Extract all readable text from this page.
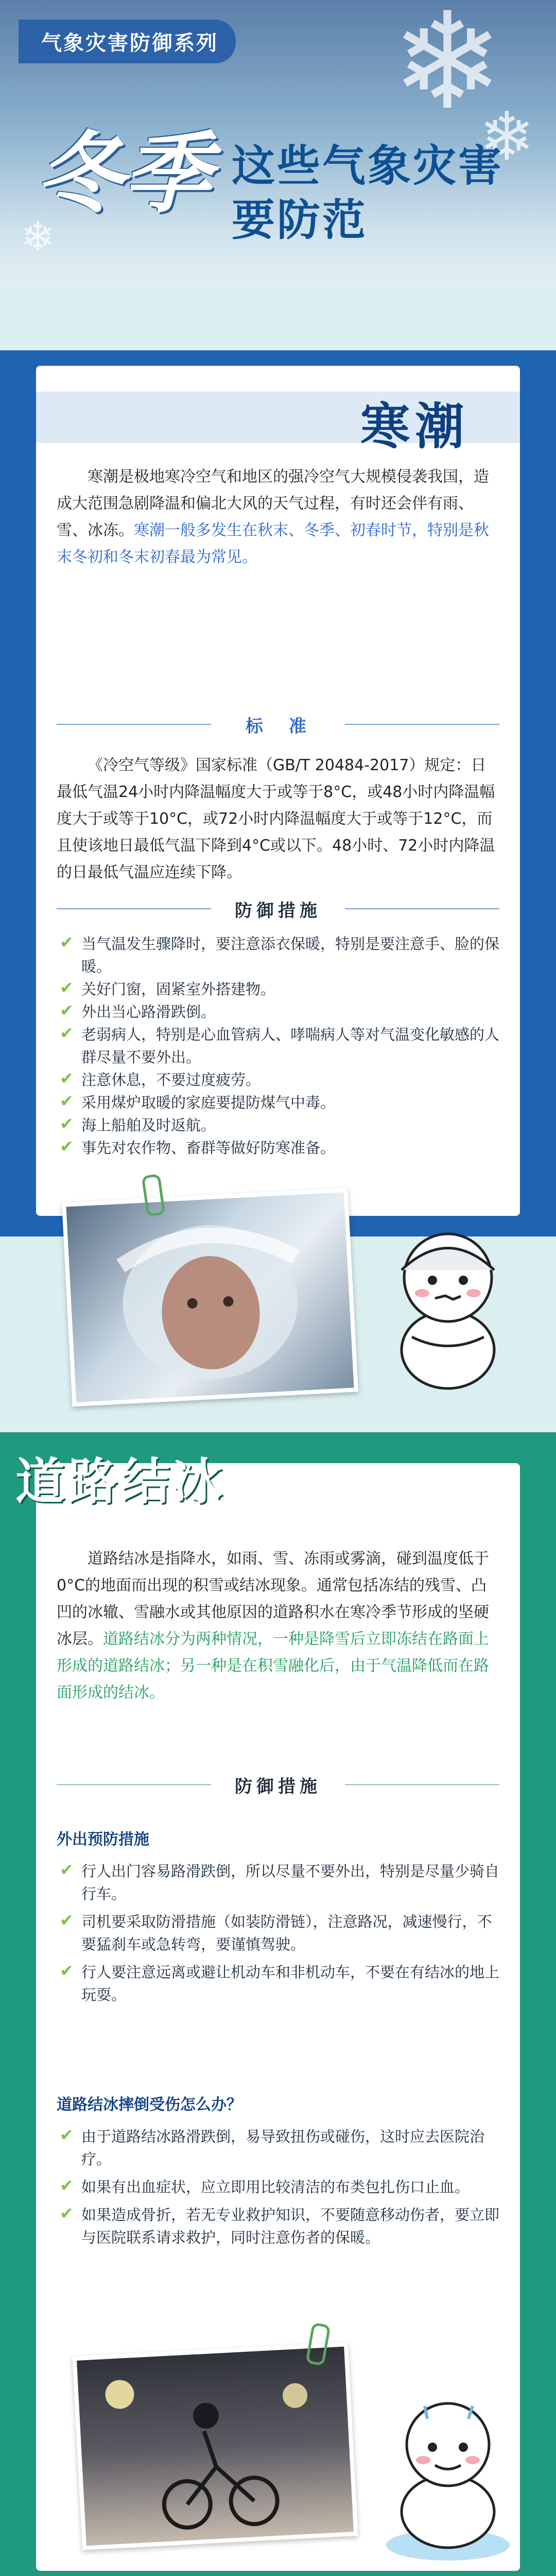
❄
❄
❄
气象灾害防御系列
冬季 这些气象灾害
要防范
寒潮
寒潮是极地寒冷空气和地区的强冷空气大规模侵袭我国，造成大范围急剧降温和偏北大风的天气过程，有时还会伴有雨、雪、冰冻。寒潮一般多发生在秋末、冬季、初春时节，特别是秋末冬初和冬末初春最为常见。
标　准
《冷空气等级》国家标准（GB/T 20484-2017）规定：日最低气温24小时内降温幅度大于或等于8°C，或48小时内降温幅度大于或等于10°C，或72小时内降温幅度大于或等于12°C，而且使该地日最低气温下降到4°C或以下。48小时、72小时内降温的日最低气温应连续下降。
防御措施
✔ 当气温发生骤降时，要注意添衣保暖，特别是要注意手、脸的保暖。
✔ 关好门窗，固紧室外搭建物。
✔ 外出当心路滑跌倒。
✔ 老弱病人，特别是心血管病人、哮喘病人等对气温变化敏感的人群尽量不要外出。
✔ 注意休息，不要过度疲劳。
✔ 采用煤炉取暖的家庭要提防煤气中毒。
✔ 海上船舶及时返航。
✔ 事先对农作物、畜群等做好防寒准备。
道路结冰
道路结冰是指降水，如雨、雪、冻雨或雾滴，碰到温度低于0°C的地面而出现的积雪或结冰现象。通常包括冻结的残雪、凸凹的冰辙、雪融水或其他原因的道路积水在寒冷季节形成的坚硬冰层。道路结冰分为两种情况，一种是降雪后立即冻结在路面上形成的道路结冰；另一种是在积雪融化后，由于气温降低而在路面形成的结冰。
防御措施
外出预防措施
✔ 行人出门容易路滑跌倒，所以尽量不要外出，特别是尽量少骑自行车。
✔ 司机要采取防滑措施（如装防滑链），注意路况，减速慢行，不要猛刹车或急转弯，要谨慎驾驶。
✔ 行人要注意远离或避让机动车和非机动车，不要在有结冰的地上玩耍。
道路结冰摔倒受伤怎么办？
✔ 由于道路结冰路滑跌倒，易导致扭伤或碰伤，这时应去医院治疗。
✔ 如果有出血症状，应立即用比较清洁的布类包扎伤口止血。
✔ 如果造成骨折，若无专业救护知识，不要随意移动伤者，要立即与医院联系请求救护，同时注意伤者的保暖。
